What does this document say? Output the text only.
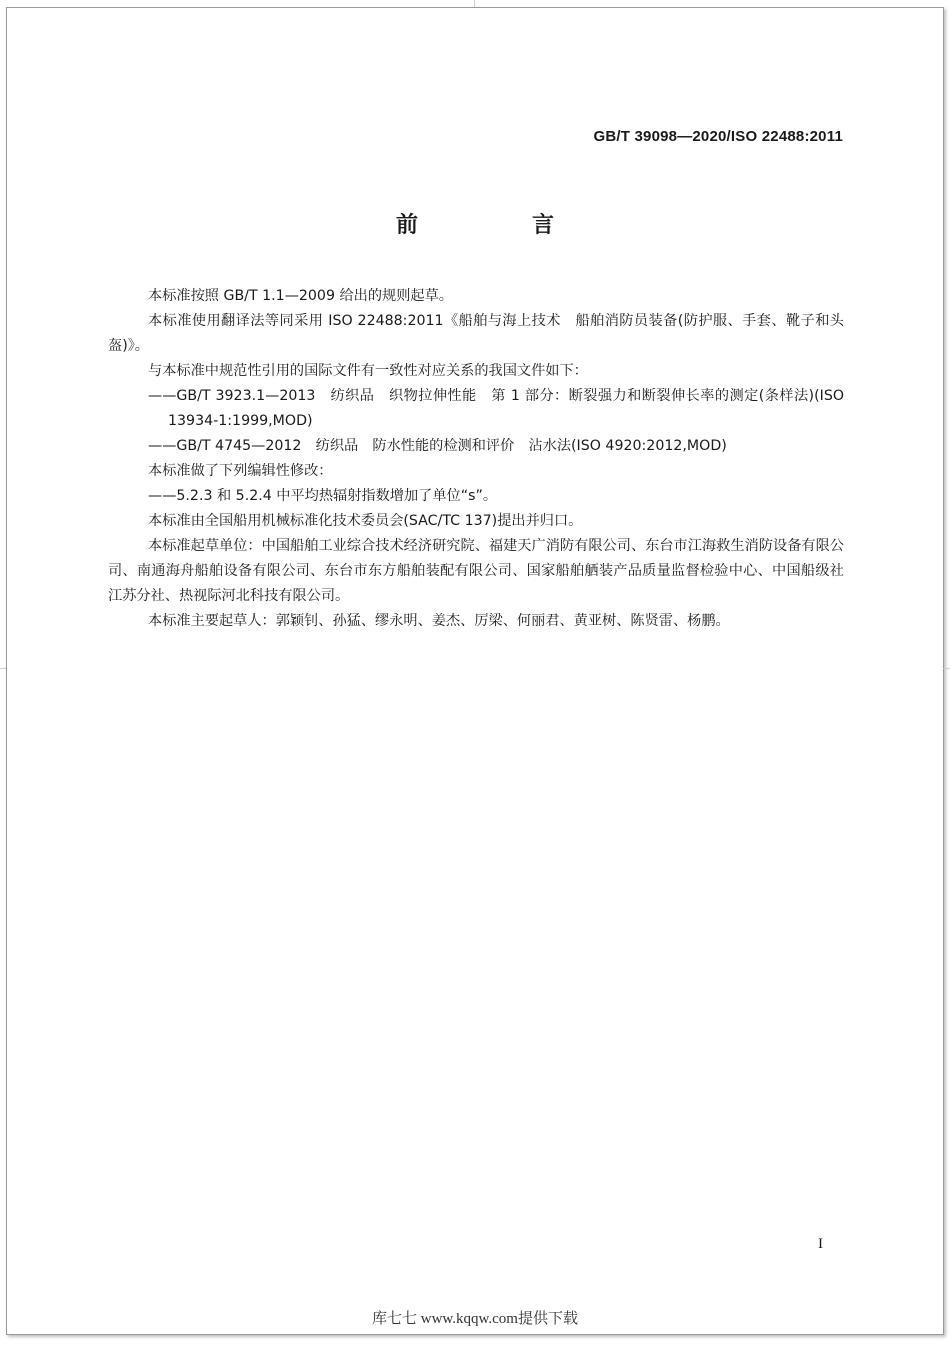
GB/T 39098—2020/ISO 22488:2011
前　言

本标准按照 GB/T 1.1—2009 给出的规则起草。

本标准使用翻译法等同采用 ISO 22488:2011《船舶与海上技术　船舶消防员装备(防护服、手套、靴子和头盔)》。

与本标准中规范性引用的国际文件有一致性对应关系的我国文件如下：

——GB/T 3923.1—2013　纺织品　织物拉伸性能　第 1 部分：断裂强力和断裂伸长率的测定(条样法)(ISO 13934-1:1999,MOD)

——GB/T 4745—2012　纺织品　防水性能的检测和评价　沾水法(ISO 4920:2012,MOD)

本标准做了下列编辑性修改：

——5.2.3 和 5.2.4 中平均热辐射指数增加了单位“s”。

本标准由全国船用机械标准化技术委员会(SAC/TC 137)提出并归口。

本标准起草单位：中国船舶工业综合技术经济研究院、福建天广消防有限公司、东台市江海救生消防设备有限公司、南通海舟船舶设备有限公司、东台市东方船舶装配有限公司、国家船舶舾装产品质量监督检验中心、中国船级社江苏分社、热视际河北科技有限公司。

本标准主要起草人：郭颖钊、孙猛、缪永明、姜杰、厉梁、何丽君、黄亚树、陈贤雷、杨鹏。

I
库七七 www.kqqw.com提供下载
